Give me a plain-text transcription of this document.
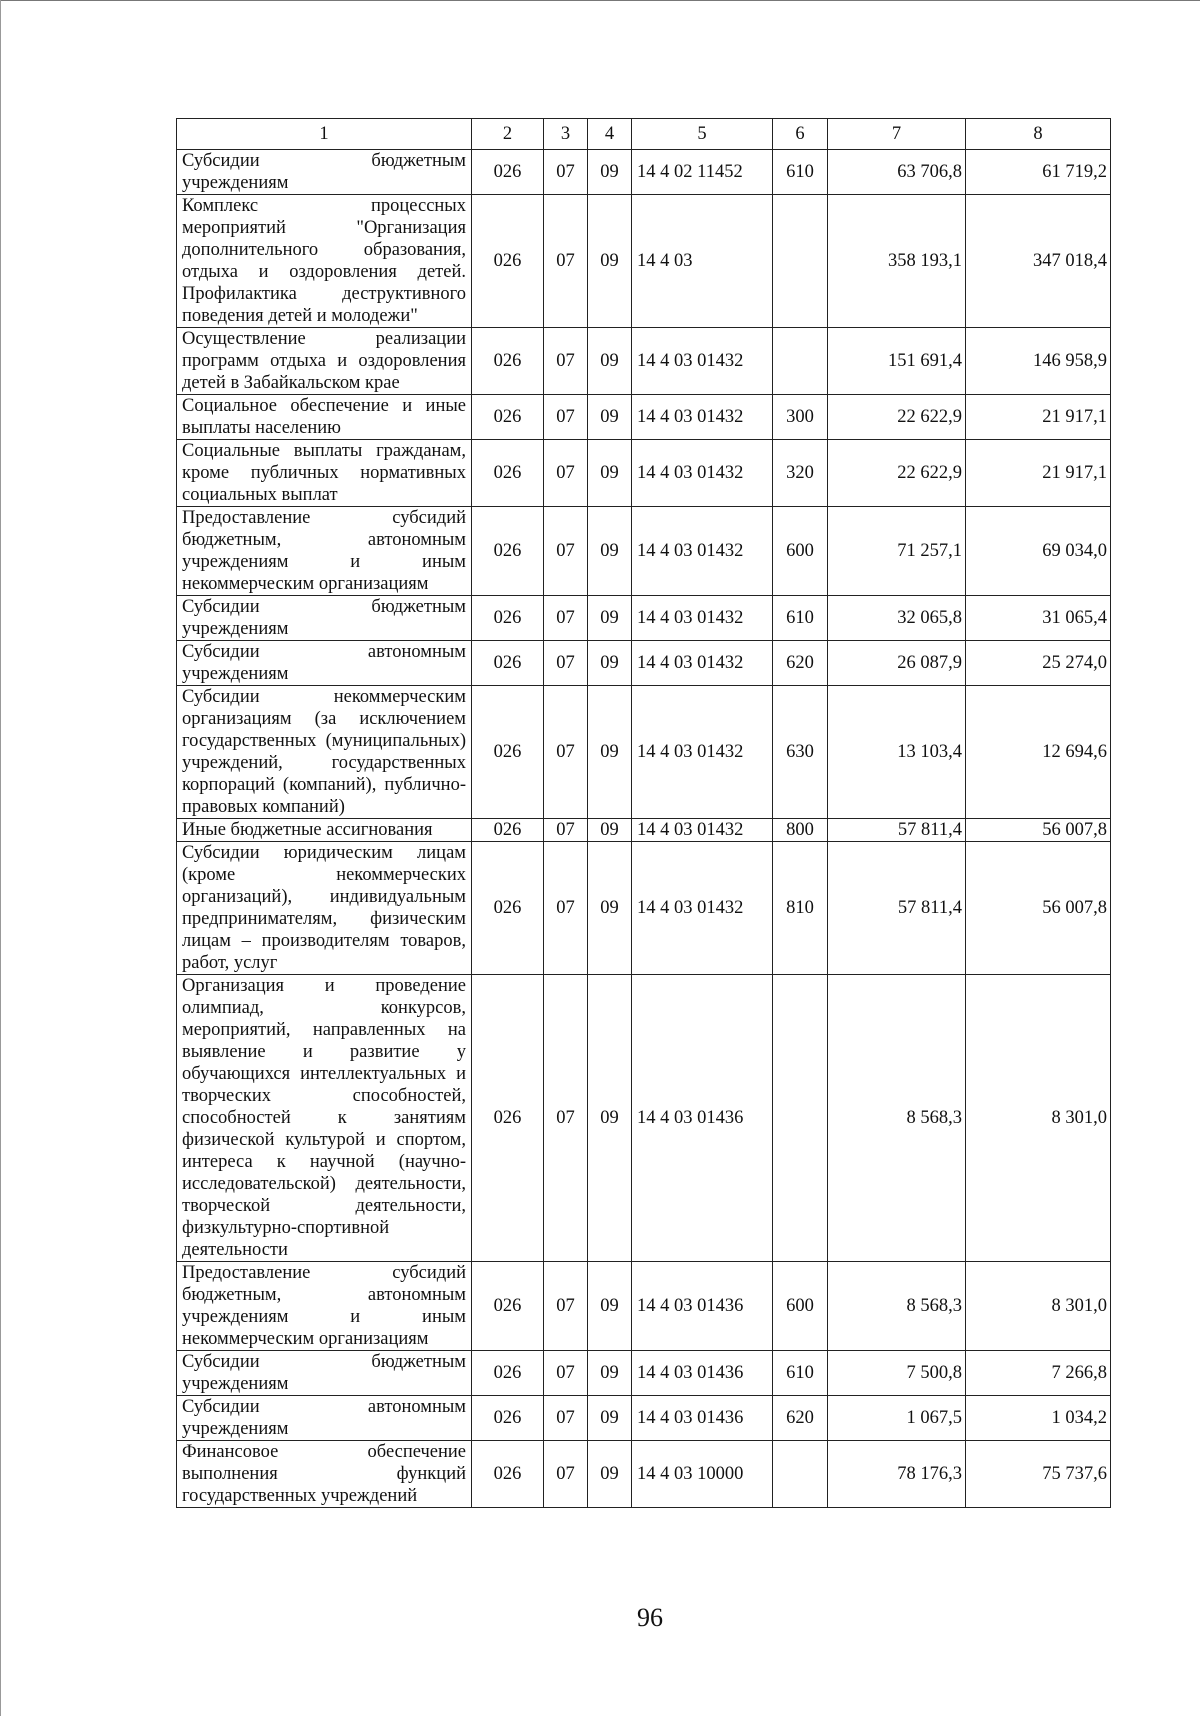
1	2	3	4	5	6	7	8
Субсидии бюджетным учреждениям	026	07	09	14 4 02 11452	610	63 706,8	61 719,2
Комплекс процессных мероприятий "Организация дополнительного образования, отдыха и оздоровления детей. Профилактика деструктивного поведения детей и молодежи"	026	07	09	14 4 03		358 193,1	347 018,4
Осуществление реализации программ отдыха и оздоровления детей в Забайкальском крае	026	07	09	14 4 03 01432		151 691,4	146 958,9
Социальное обеспечение и иные выплаты населению	026	07	09	14 4 03 01432	300	22 622,9	21 917,1
Социальные выплаты гражданам, кроме публичных нормативных социальных выплат	026	07	09	14 4 03 01432	320	22 622,9	21 917,1
Предоставление субсидий бюджетным, автономным учреждениям и иным некоммерческим организациям	026	07	09	14 4 03 01432	600	71 257,1	69 034,0
Субсидии бюджетным учреждениям	026	07	09	14 4 03 01432	610	32 065,8	31 065,4
Субсидии автономным учреждениям	026	07	09	14 4 03 01432	620	26 087,9	25 274,0
Субсидии некоммерческим организациям (за исключением государственных (муниципальных) учреждений, государственных корпораций (компаний), публично-правовых компаний)	026	07	09	14 4 03 01432	630	13 103,4	12 694,6
Иные бюджетные ассигнования	026	07	09	14 4 03 01432	800	57 811,4	56 007,8
Субсидии юридическим лицам (кроме некоммерческих организаций), индивидуальным предпринимателям, физическим лицам – производителям товаров, работ, услуг	026	07	09	14 4 03 01432	810	57 811,4	56 007,8
Организация и проведение олимпиад, конкурсов, мероприятий, направленных на выявление и развитие у обучающихся интеллектуальных и творческих способностей, способностей к занятиям физической культурой и спортом, интереса к научной (научно-исследовательской) деятельности, творческой деятельности, физкультурно-спортивной деятельности	026	07	09	14 4 03 01436		8 568,3	8 301,0
Предоставление субсидий бюджетным, автономным учреждениям и иным некоммерческим организациям	026	07	09	14 4 03 01436	600	8 568,3	8 301,0
Субсидии бюджетным учреждениям	026	07	09	14 4 03 01436	610	7 500,8	7 266,8
Субсидии автономным учреждениям	026	07	09	14 4 03 01436	620	1 067,5	1 034,2
Финансовое обеспечение выполнения функций государственных учреждений	026	07	09	14 4 03 10000		78 176,3	75 737,6
96
